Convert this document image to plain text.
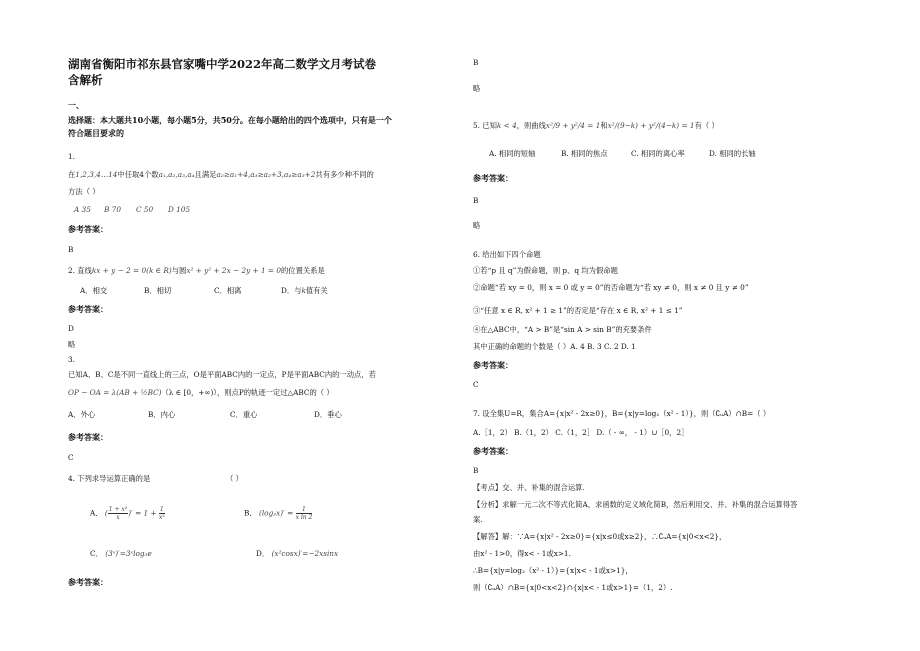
湖南省衡阳市祁东县官家嘴中学2022年高二数学文月考试卷
含解析
一、
选择题：本大题共10小题，每小题5分，共50分。在每小题给出的四个选项中，只有是一个
符合题目要求的
1.
在1,2,3,4…14中任取4个数a₁,a₂,a₃,a₄且满足a₂≥a₁+4,a₃≥a₂+3,a₄≥a₃+2共有多少种不同的
方法（ ）
A 35 B 70 C 50 D 105
参考答案：
B
2. 直线kx + y − 2 = 0(k ∈ R)与圆x² + y² + 2x − 2y + 1 = 0的位置关系是
A．相交	B．相切	C．相离	D．与k值有关
参考答案：
D
略
3.
已知A、B、C是不同一直线上的三点，O是平面ABC内的一定点，P是平面ABC内的一动点，若
OP − OA = λ(AB + ½BC)（λ ∈ [0，+∞)），则点P的轨迹一定过△ABC的（ ）
A．外心	B．内心	C．重心	D．垂心
参考答案：
C
4. 下列求导运算正确的是	（ ）
A． ( $\frac{\text{1 + x²}}{x}$ )′ = $1 + \frac{1}{\text{x²}}$	B． $(\log_2x)' = \frac{1}{\text{x ln 2}}$
C． (3ˣ)′=3ˣlog₃e	D． (x²cosx)′=−2xsinx
参考答案：
B
略
5. 已知k < 4，则曲线x²/9 + y²/4 = 1和x²/(9−k) + y²/(4−k) = 1有（ ）
A. 相同的短轴	B. 相同的焦点	C. 相同的离心率	D. 相同的长轴
参考答案：
B
略
6. 给出如下四个命题
①若“p 且 q”为假命题，则 p、q 均为假命题
②命题“若 xy = 0，则 x = 0 或 y = 0”的否命题为“若 xy ≠ 0，则 x ≠ 0 且 y ≠ 0”
③“任意 x ∈ R, x² + 1 ≥ 1”的否定是“存在 x ∈ R, x² + 1 ≤ 1”
④在△ABC中，“A > B”是“sin A > sin B”的充要条件
其中正确的命题的个数是（ ）A. 4 B. 3 C. 2 D. 1
参考答案：
C
7. 设全集U=R，集合A={x|x² - 2x≥0}，B={x|y=log₂（x² - 1）}，则（∁ᵤA）∩B=（ ）
A.［1，2） B.（1，2） C.（1，2］ D.（ - ∞， - 1）∪［0，2］
参考答案：
B
【考点】交、并、补集的混合运算.
【分析】求解一元二次不等式化简A，求函数的定义域化简B，然后利用交、并、补集的混合运算得答
案.
【解答】解：∵A={x|x² - 2x≥0}={x|x≤0或x≥2}，∴∁ᵤA={x|0<x<2}，
由x² - 1>0，得x< - 1或x>1.
∴B={x|y=log₂（x² - 1）}={x|x< - 1或x>1}，
则（∁ᵤA）∩B={x|0<x<2}∩{x|x< - 1或x>1}=（1，2）.
